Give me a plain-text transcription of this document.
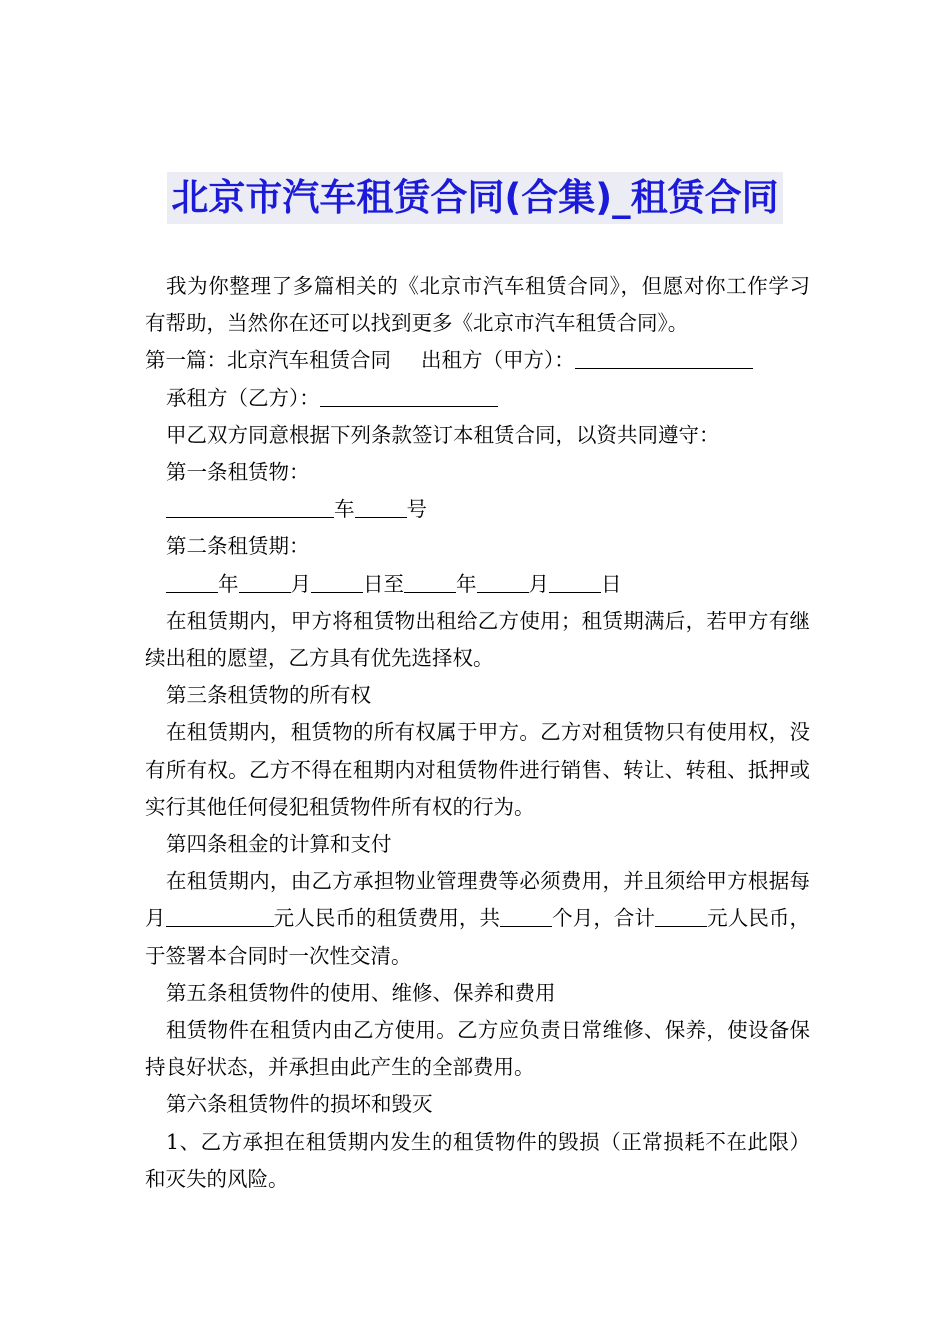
北京市汽车租赁合同(合集)_租赁合同

我为你整理了多篇相关的《北京市汽车租赁合同》，但愿对你工作学习有帮助，当然你在还可以找到更多《北京市汽车租赁合同》。

第一篇：北京汽车租赁合同 出租方（甲方）：

承租方（乙方）：

甲乙双方同意根据下列条款签订本租赁合同，以资共同遵守：

第一条租赁物：

车	号

第二条租赁期：

年	月	日至	年	月	日

在租赁期内，甲方将租赁物出租给乙方使用；租赁期满后，若甲方有继续出租的愿望，乙方具有优先选择权。

第三条租赁物的所有权

在租赁期内，租赁物的所有权属于甲方。乙方对租赁物只有使用权，没有所有权。乙方不得在租期内对租赁物件进行销售、转让、转租、抵押或实行其他任何侵犯租赁物件所有权的行为。

第四条租金的计算和支付

在租赁期内，由乙方承担物业管理费等必须费用，并且须给甲方根据每月	元人民币的租赁费用，共	个月，合计	元人民币，于签署本合同时一次性交清。

第五条租赁物件的使用、维修、保养和费用

租赁物件在租赁内由乙方使用。乙方应负责日常维修、保养，使设备保持良好状态，并承担由此产生的全部费用。

第六条租赁物件的损坏和毁灭

1、乙方承担在租赁期内发生的租赁物件的毁损（正常损耗不在此限）和灭失的风险。
